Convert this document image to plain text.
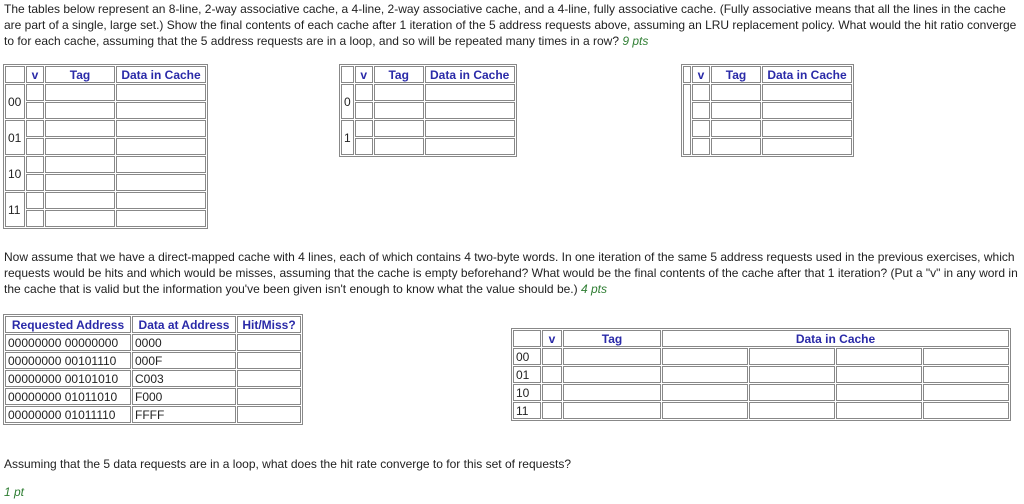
The tables below represent an 8-line, 2-way associative cache, a 4-line, 2-way associative cache, and a 4-line, fully associative cache. (Fully associative means that all the lines in the cache are part of a single, large set.) Show the final contents of each cache after 1 iteration of the 5 address requests above, assuming an LRU replacement policy. What would the hit ratio converge to for each cache, assuming that the 5 address requests are in a loop, and so will be repeated many times in a row? 9 pts
	v	Tag	Data in Cache
00			

01			

10			

11			

	v	Tag	Data in Cache
0			

1			

	v	Tag	Data in Cache

Now assume that we have a direct-mapped cache with 4 lines, each of which contains 4 two-byte words. In one iteration of the same 5 address requests used in the previous exercises, which requests would be hits and which would be misses, assuming that the cache is empty beforehand? What would be the final contents of the cache after that 1 iteration? (Put a "v" in any word in the cache that is valid but the information you've been given isn't enough to know what the value should be.) 4 pts
Requested Address	Data at Address	Hit/Miss?
00000000 00000000	0000	
00000000 00101110	000F	
00000000 00101010	C003	
00000000 01011010	F000	
00000000 01011110	FFFF	
	v	Tag	Data in Cache			
00						
01						
10						
11						
Assuming that the 5 data requests are in a loop, what does the hit rate converge to for this set of requests?
1 pt
